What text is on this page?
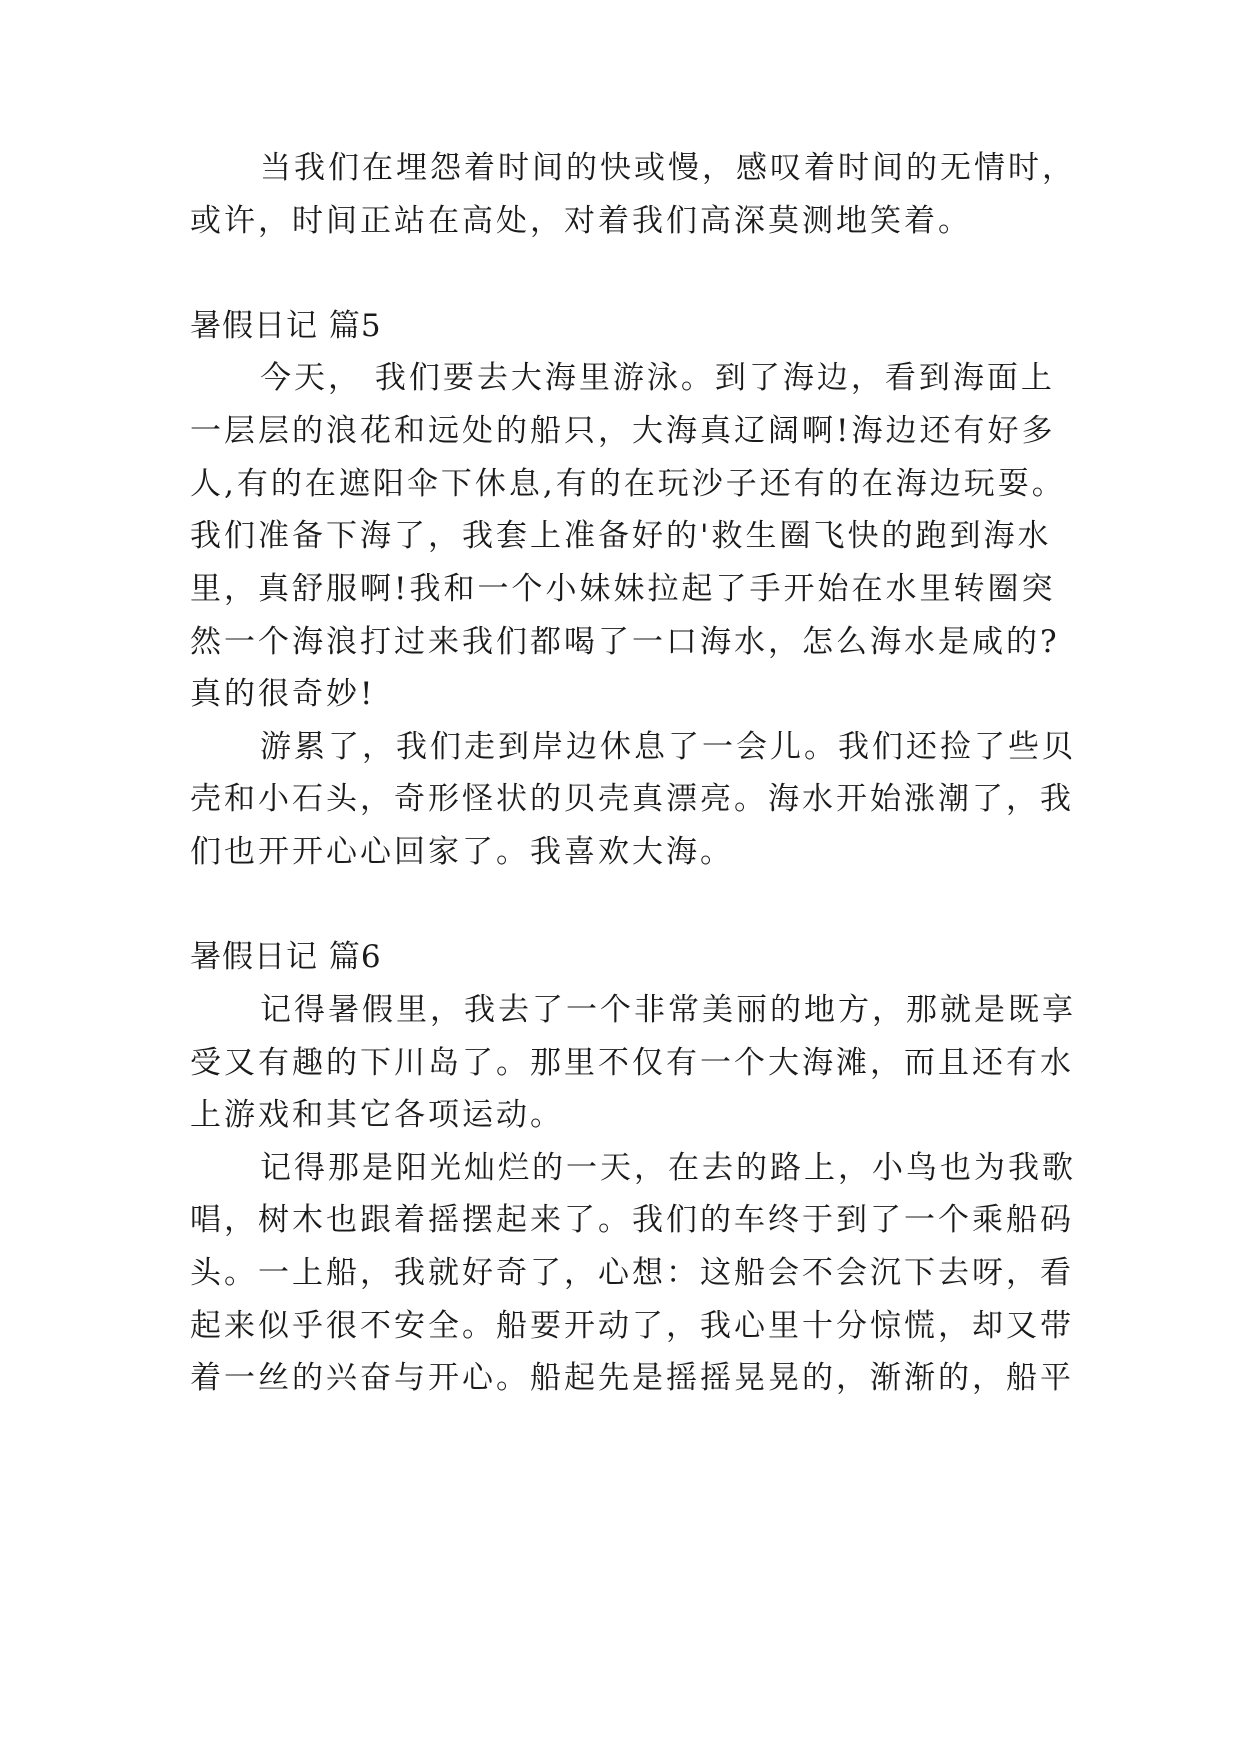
当我们在埋怨着时间的快或慢，感叹着时间的无情时，
或许，时间正站在高处，对着我们高深莫测地笑着。
暑假日记 篇5
今天， 我们要去大海里游泳。到了海边，看到海面上
一层层的浪花和远处的船只，大海真辽阔啊!海边还有好多
人,有的在遮阳伞下休息,有的在玩沙子还有的在海边玩耍。
我们准备下海了，我套上准备好的'救生圈飞快的跑到海水
里，真舒服啊!我和一个小妹妹拉起了手开始在水里转圈突
然一个海浪打过来我们都喝了一口海水，怎么海水是咸的?
真的很奇妙!
游累了，我们走到岸边休息了一会儿。我们还捡了些贝
壳和小石头，奇形怪状的贝壳真漂亮。海水开始涨潮了，我
们也开开心心回家了。我喜欢大海。
暑假日记 篇6
记得暑假里，我去了一个非常美丽的地方，那就是既享
受又有趣的下川岛了。那里不仅有一个大海滩，而且还有水
上游戏和其它各项运动。
记得那是阳光灿烂的一天，在去的路上，小鸟也为我歌
唱，树木也跟着摇摆起来了。我们的车终于到了一个乘船码
头。一上船，我就好奇了，心想：这船会不会沉下去呀，看
起来似乎很不安全。船要开动了，我心里十分惊慌，却又带
着一丝的兴奋与开心。船起先是摇摇晃晃的，渐渐的，船平
